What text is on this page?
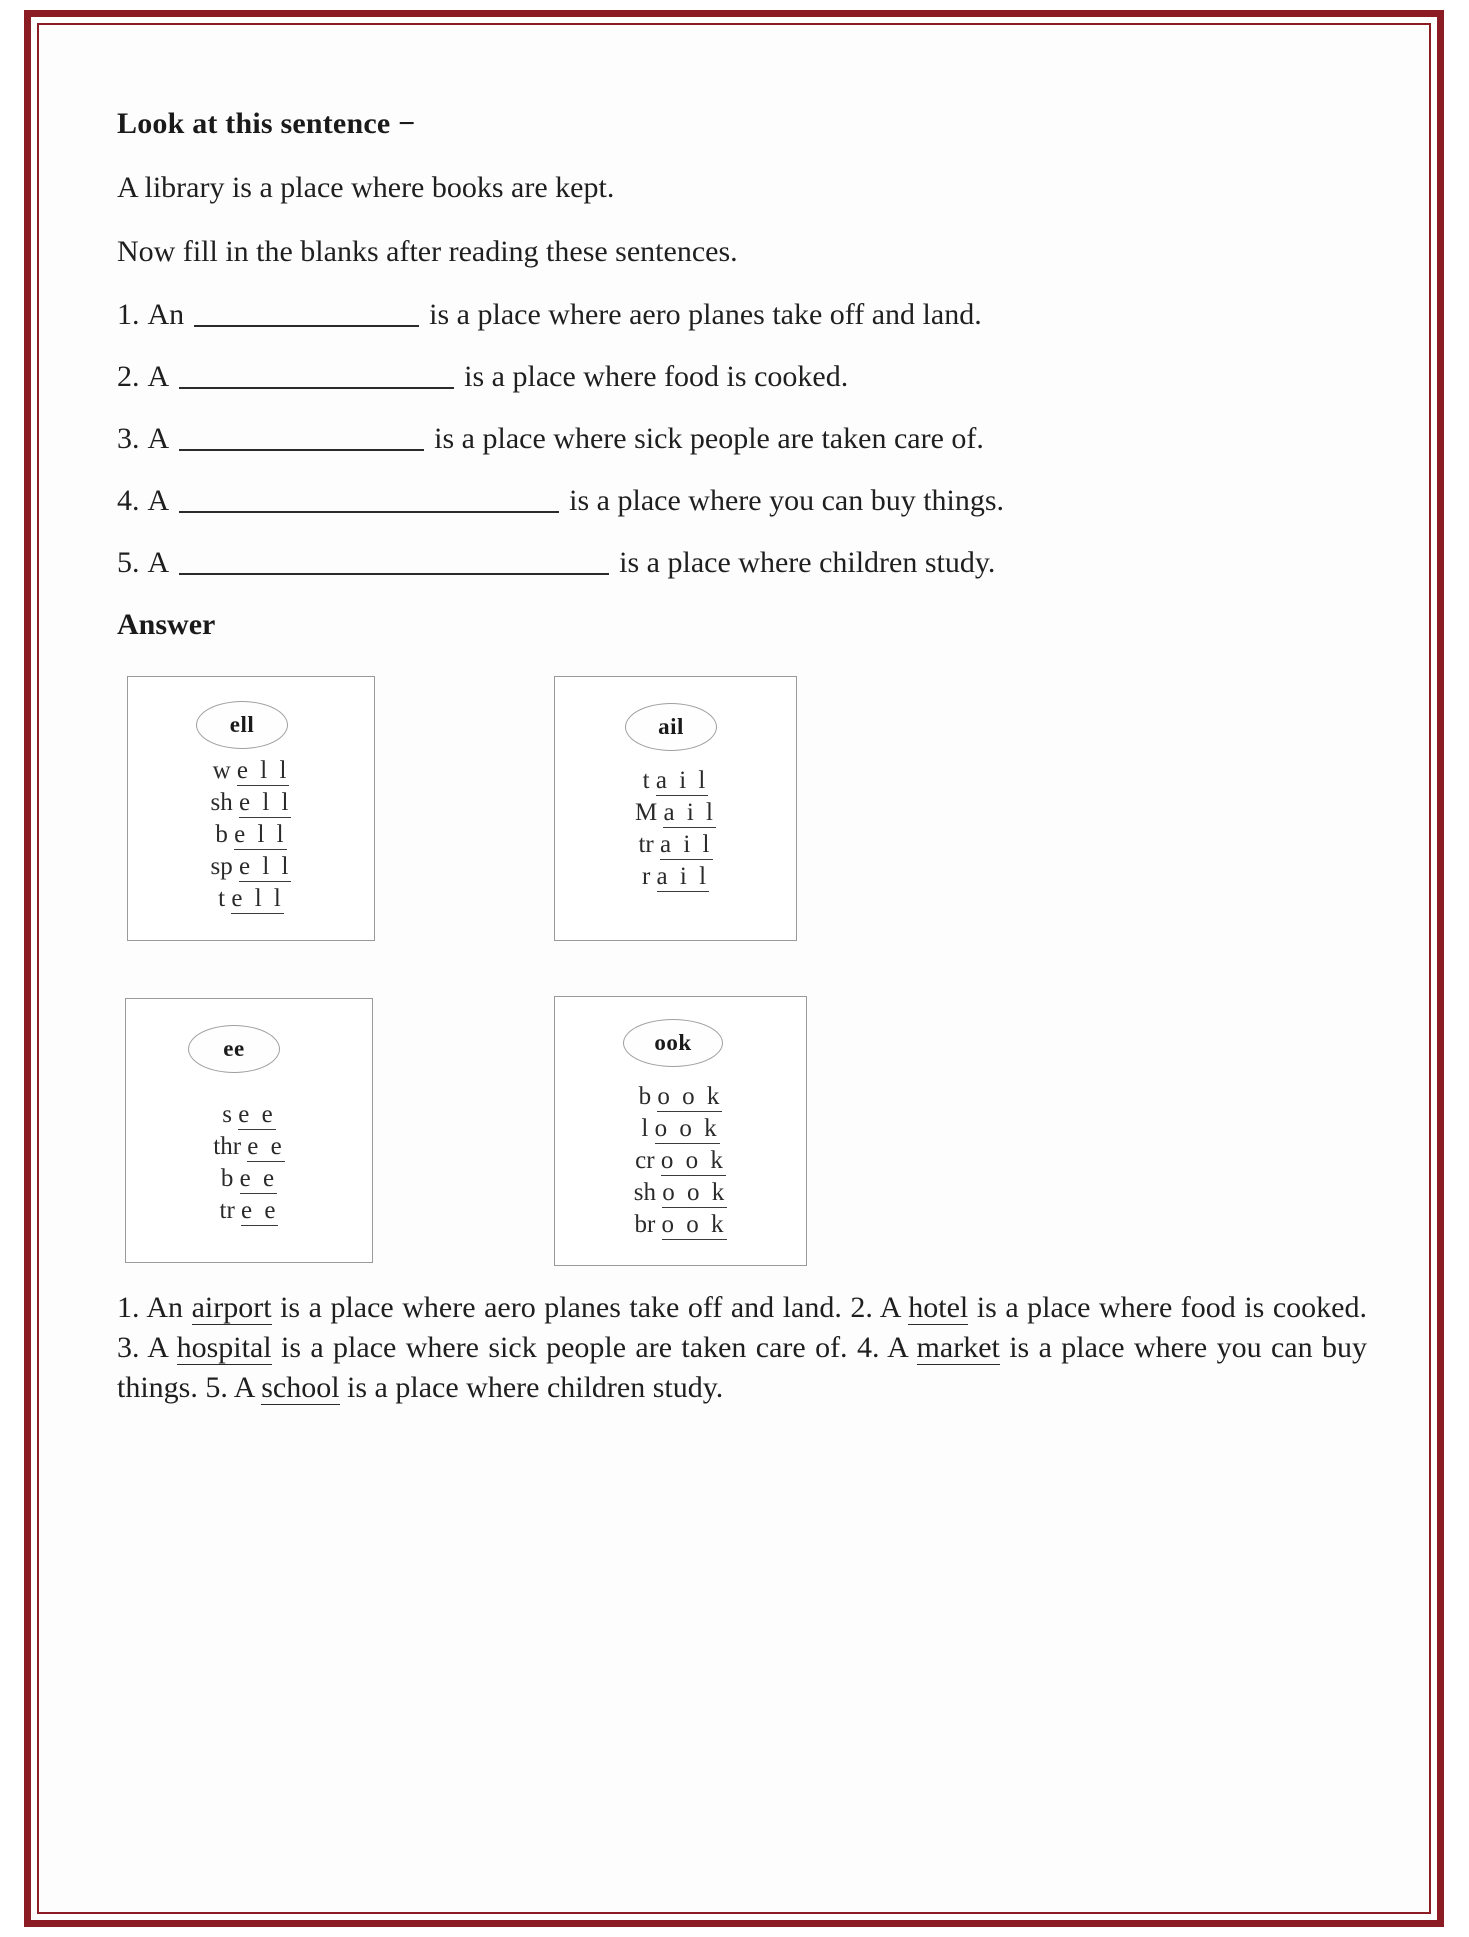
Look at this sentence −
A library is a place where books are kept.
Now fill in the blanks after reading these sentences.
1. An	is a place where aero planes take off and land.
2. A	is a place where food is cooked.
3. A	is a place where sick people are taken care of.
4. A	is a place where you can buy things.
5. A	is a place where children study.
Answer
ell
w e l l
sh e l l
b e l l
sp e l l
t e l l
ail
t a i l
M a i l
tr a i l
r a i l
ee
s e e
thr e e
b e e
tr e e
ook
b o o k
l o o k
cr o o k
sh o o k
br o o k

1. An airport is a place where aero planes take off and land. 2. A hotel is a place where food is cooked. 3. A hospital is a place where sick people are taken care of. 4. A market is a place where you can buy things. 5. A school is a place where children study.
